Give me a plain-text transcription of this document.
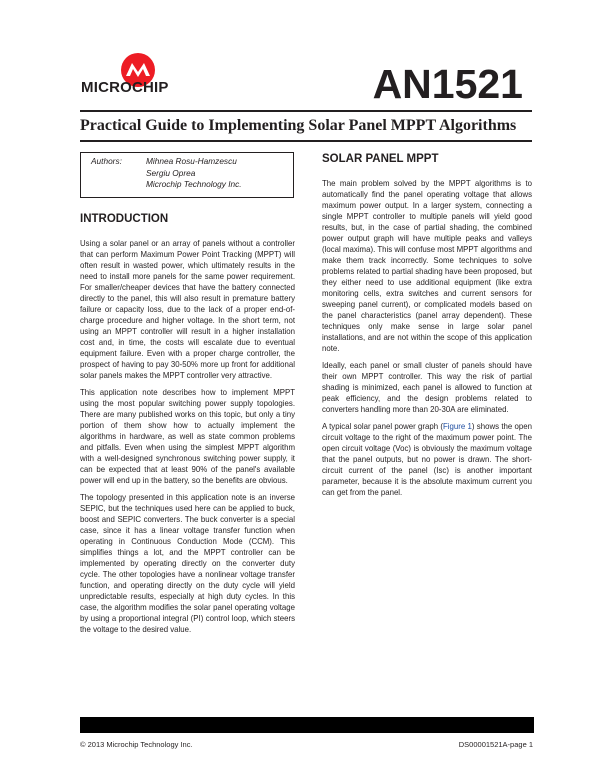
MICROCHIP	AN1521
Practical Guide to Implementing Solar Panel MPPT Algorithms
Authors:	Mihnea Rosu-Hamzescu
Sergiu Oprea
Microchip Technology Inc.
INTRODUCTION

Using a solar panel or an array of panels without a controller that can perform Maximum Power Point Tracking (MPPT) will often result in wasted power, which ultimately results in the need to install more panels for the same power requirement. For smaller/cheaper devices that have the battery connected directly to the panel, this will also result in premature battery failure or capacity loss, due to the lack of a proper end-of-charge procedure and higher voltage. In the short term, not using an MPPT controller will result in a higher installation cost and, in time, the costs will escalate due to eventual equipment failure. Even with a proper charge controller, the prospect of having to pay 30-50% more up front for additional solar panels makes the MPPT controller very attractive.

This application note describes how to implement MPPT using the most popular switching power supply topologies. There are many published works on this topic, but only a tiny portion of them show how to actually implement the algorithms in hardware, as well as state common problems and pitfalls. Even when using the simplest MPPT algorithm with a well-designed synchronous switching power supply, it can be expected that at least 90% of the panel's available power will end up in the battery, so the benefits are obvious.

The topology presented in this application note is an inverse SEPIC, but the techniques used here can be applied to buck, boost and SEPIC converters. The buck converter is a special case, since it has a linear voltage transfer function when operating in Continuous Conduction Mode (CCM). This simplifies things a lot, and the MPPT controller can be implemented by operating directly on the converter duty cycle. The other topologies have a nonlinear voltage transfer function, and operating directly on the duty cycle will yield unpredictable results, especially at high duty cycles. In this case, the algorithm modifies the solar panel operating voltage by using a proportional integral (PI) control loop, which steers the voltage to the desired value.

SOLAR PANEL MPPT

The main problem solved by the MPPT algorithms is to automatically find the panel operating voltage that allows maximum power output. In a larger system, connecting a single MPPT controller to multiple panels will yield good results, but, in the case of partial shading, the combined power output graph will have multiple peaks and valleys (local maxima). This will confuse most MPPT algorithms and make them track incorrectly. Some techniques to solve problems related to partial shading have been proposed, but they either need to use additional equipment (like extra monitoring cells, extra switches and current sensors for sweeping panel current), or complicated models based on the panel characteristics (panel array dependent). These techniques only make sense in large solar panel installations, and are not within the scope of this application note.

Ideally, each panel or small cluster of panels should have their own MPPT controller. This way the risk of partial shading is minimized, each panel is allowed to function at peak efficiency, and the design problems related to converters handling more than 20-30A are eliminated.

A typical solar panel power graph (Figure 1) shows the open circuit voltage to the right of the maximum power point. The open circuit voltage (Voc) is obviously the maximum voltage that the panel outputs, but no power is drawn. The short-circuit current of the panel (Isc) is another important parameter, because it is the absolute maximum current you can get from the panel.

© 2013 Microchip Technology Inc.	DS00001521A-page 1
